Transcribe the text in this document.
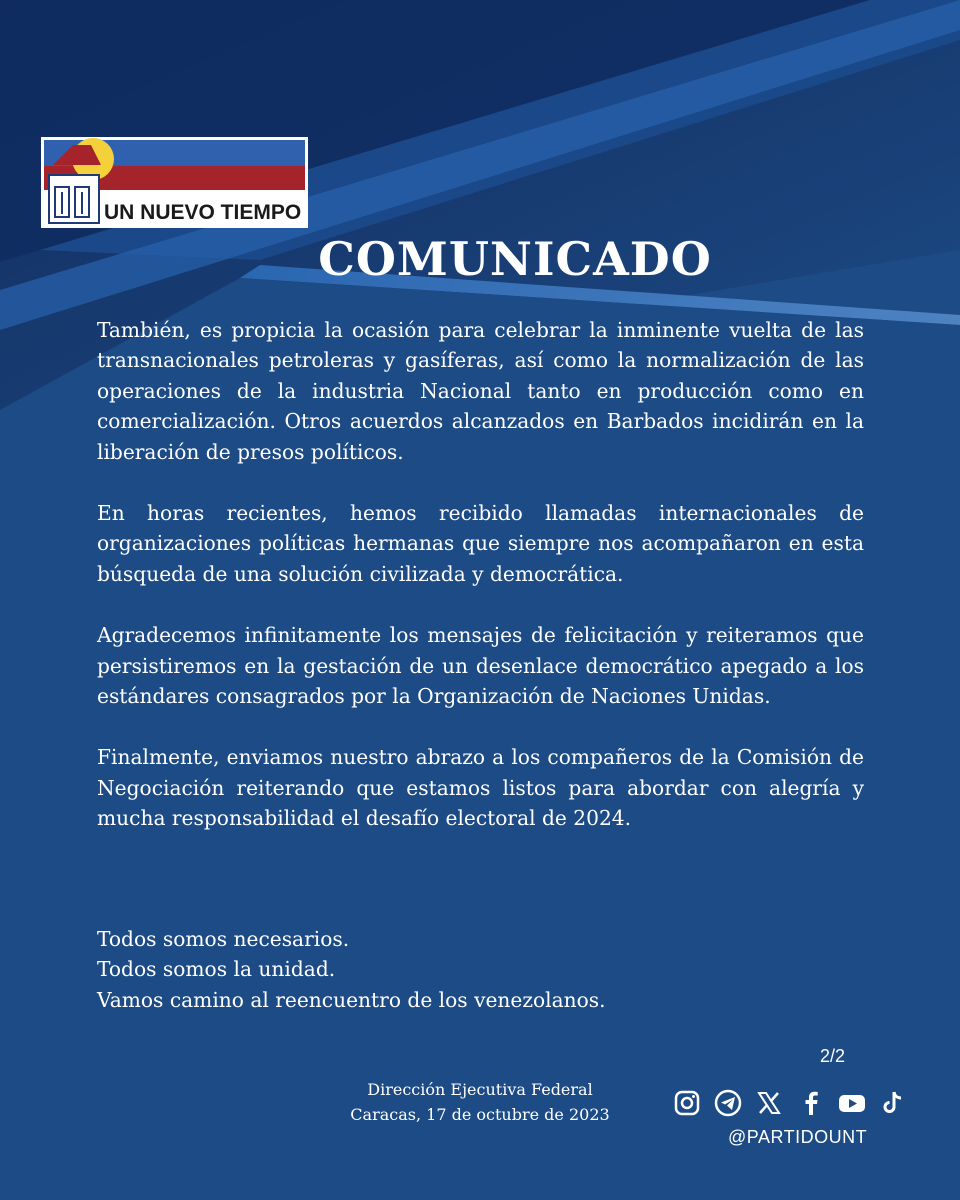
UN NUEVO TIEMPO
COMUNICADO

También, es propicia la ocasión para celebrar la inminente vuelta de las transnacionales petroleras y gasíferas, así como la normalización de las operaciones de la industria Nacional tanto en producción como en comercialización. Otros acuerdos alcanzados en Barbados incidirán en la liberación de presos políticos.

En horas recientes, hemos recibido llamadas internacionales de organizaciones políticas hermanas que siempre nos acompañaron en esta búsqueda de una solución civilizada y democrática.

Agradecemos infinitamente los mensajes de felicitación y reiteramos que persistiremos en la gestación de un desenlace democrático apegado a los estándares consagrados por la Organización de Naciones Unidas.

Finalmente, enviamos nuestro abrazo a los compañeros de la Comisión de Negociación reiterando que estamos listos para abordar con alegría y mucha responsabilidad el desafío electoral de 2024.

Todos somos necesarios.
Todos somos la unidad.
Vamos camino al reencuentro de los venezolanos.
2/2
Dirección Ejecutiva Federal
Caracas, 17 de octubre de 2023
@PARTIDOUNT
